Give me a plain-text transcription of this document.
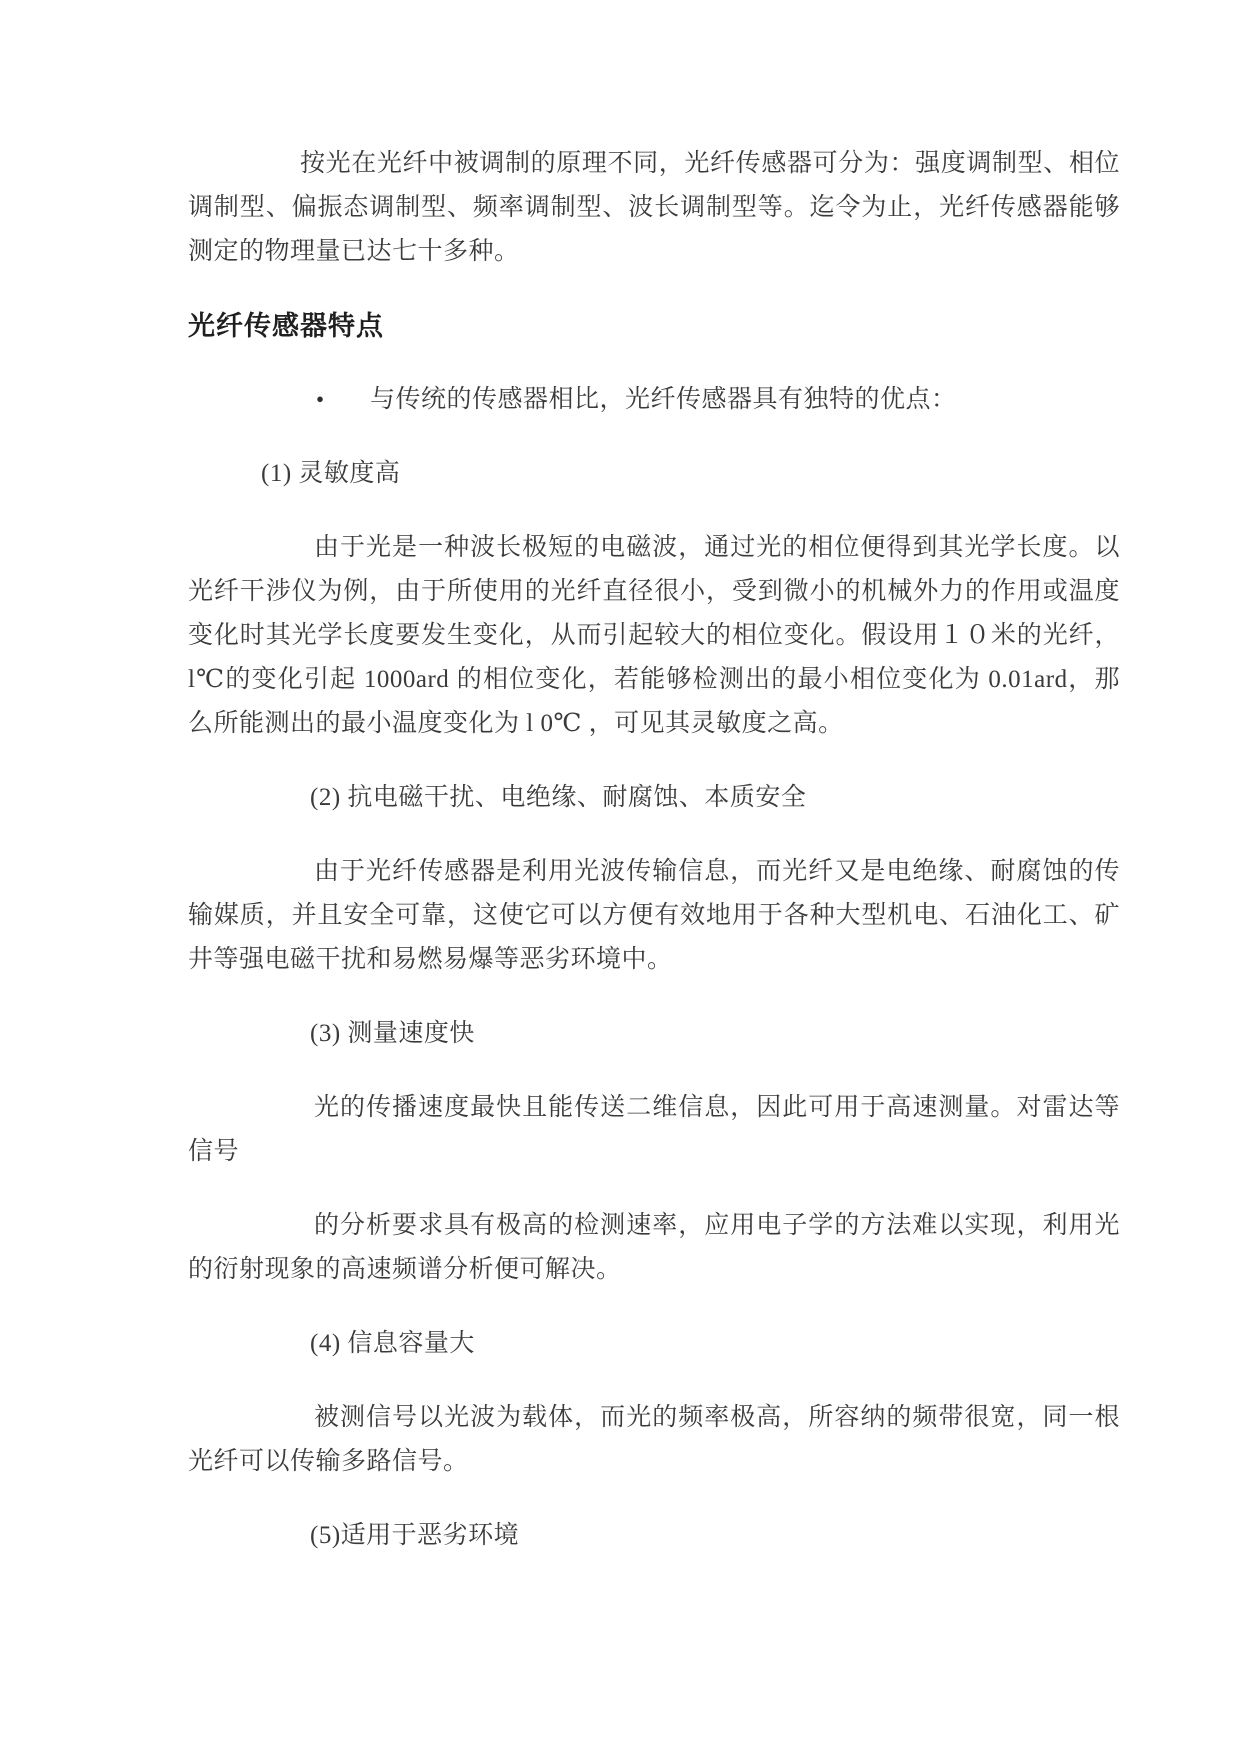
按光在光纤中被调制的原理不同，光纤传感器可分为：强度调制型、相位调制型、偏振态调制型、频率调制型、波长调制型等。迄令为止，光纤传感器能够测定的物理量已达七十多种。

光纤传感器特点

•	与传统的传感器相比，光纤传感器具有独特的优点：

(1) 灵敏度高

由于光是一种波长极短的电磁波，通过光的相位便得到其光学长度。以光纤干涉仪为例，由于所使用的光纤直径很小，受到微小的机械外力的作用或温度变化时其光学长度要发生变化，从而引起较大的相位变化。假设用１０米的光纤，l℃的变化引起 1000ard 的相位变化，若能够检测出的最小相位变化为 0.01ard，那么所能测出的最小温度变化为 l 0℃ ，可见其灵敏度之高。

(2) 抗电磁干扰、电绝缘、耐腐蚀、本质安全

由于光纤传感器是利用光波传输信息，而光纤又是电绝缘、耐腐蚀的传输媒质，并且安全可靠，这使它可以方便有效地用于各种大型机电、石油化工、矿井等强电磁干扰和易燃易爆等恶劣环境中。

(3) 测量速度快

光的传播速度最快且能传送二维信息，因此可用于高速测量。对雷达等信号

的分析要求具有极高的检测速率，应用电子学的方法难以实现，利用光的衍射现象的高速频谱分析便可解决。

(4) 信息容量大

被测信号以光波为载体，而光的频率极高，所容纳的频带很宽，同一根光纤可以传输多路信号。

(5)适用于恶劣环境
